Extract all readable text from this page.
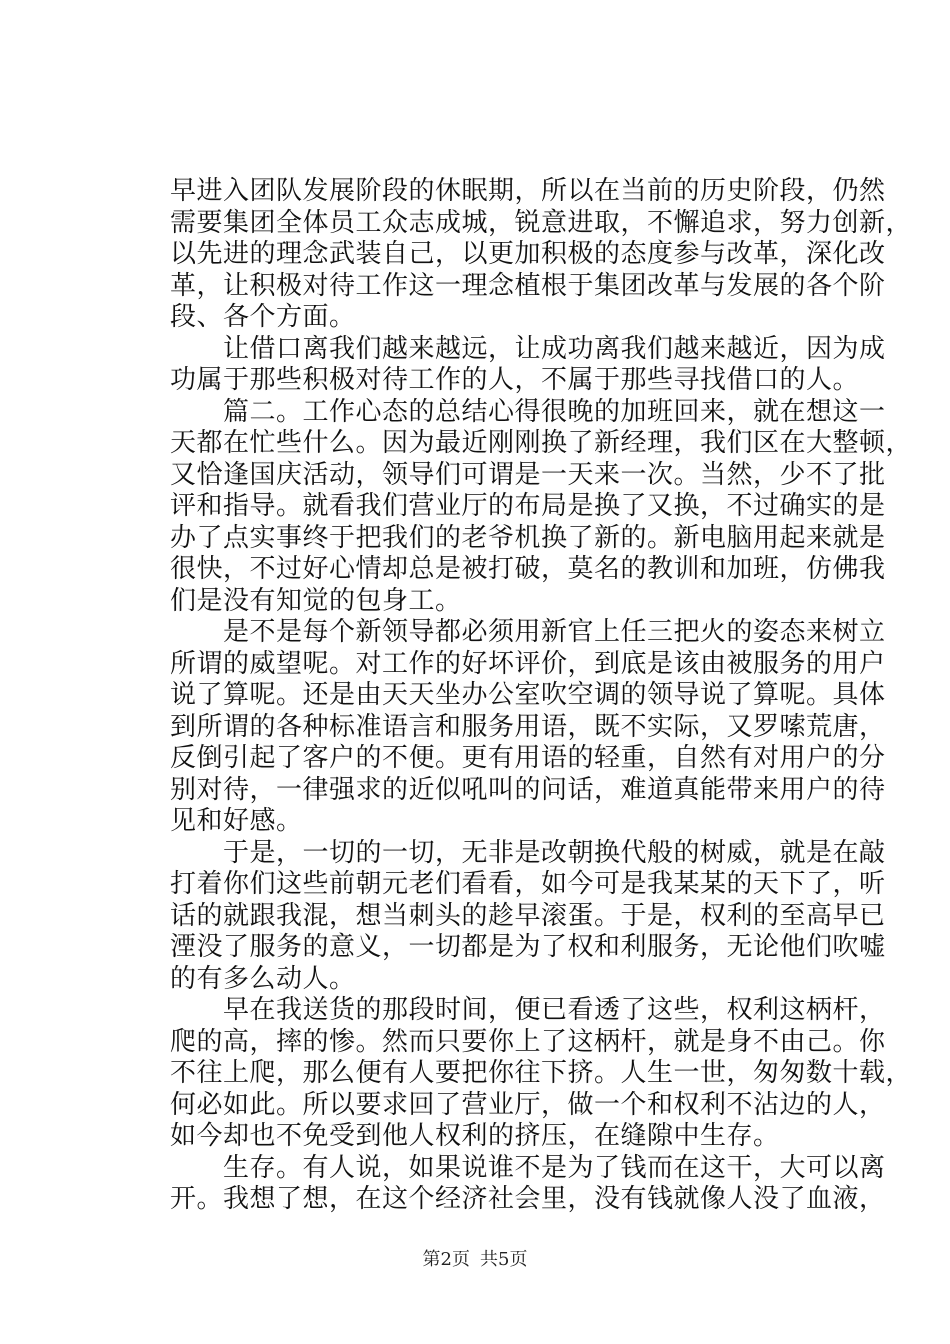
早进入团队发展阶段的休眠期，所以在当前的历史阶段，仍然
需要集团全体员工众志成城，锐意进取，不懈追求，努力创新，
以先进的理念武装自己，以更加积极的态度参与改革，深化改
革，让积极对待工作这一理念植根于集团改革与发展的各个阶
段、各个方面。
　　让借口离我们越来越远，让成功离我们越来越近，因为成
功属于那些积极对待工作的人，不属于那些寻找借口的人。
　　篇二。工作心态的总结心得很晚的加班回来，就在想这一
天都在忙些什么。因为最近刚刚换了新经理，我们区在大整顿，
又恰逢国庆活动，领导们可谓是一天来一次。当然，少不了批
评和指导。就看我们营业厅的布局是换了又换，不过确实的是
办了点实事终于把我们的老爷机换了新的。新电脑用起来就是
很快，不过好心情却总是被打破，莫名的教训和加班，仿佛我
们是没有知觉的包身工。
　　是不是每个新领导都必须用新官上任三把火的姿态来树立
所谓的威望呢。对工作的好坏评价，到底是该由被服务的用户
说了算呢。还是由天天坐办公室吹空调的领导说了算呢。具体
到所谓的各种标准语言和服务用语，既不实际，又罗嗦荒唐，
反倒引起了客户的不便。更有用语的轻重，自然有对用户的分
别对待，一律强求的近似吼叫的问话，难道真能带来用户的待
见和好感。
　　于是，一切的一切，无非是改朝换代般的树威，就是在敲
打着你们这些前朝元老们看看，如今可是我某某的天下了，听
话的就跟我混，想当刺头的趁早滚蛋。于是，权利的至高早已
湮没了服务的意义，一切都是为了权和利服务，无论他们吹嘘
的有多么动人。
　　早在我送货的那段时间，便已看透了这些，权利这柄杆，
爬的高，摔的惨。然而只要你上了这柄杆，就是身不由己。你
不往上爬，那么便有人要把你往下挤。人生一世，匆匆数十载，
何必如此。所以要求回了营业厅，做一个和权利不沾边的人，
如今却也不免受到他人权利的挤压，在缝隙中生存。
　　生存。有人说，如果说谁不是为了钱而在这干，大可以离
开。我想了想，在这个经济社会里，没有钱就像人没了血液，
第2页 共5页
